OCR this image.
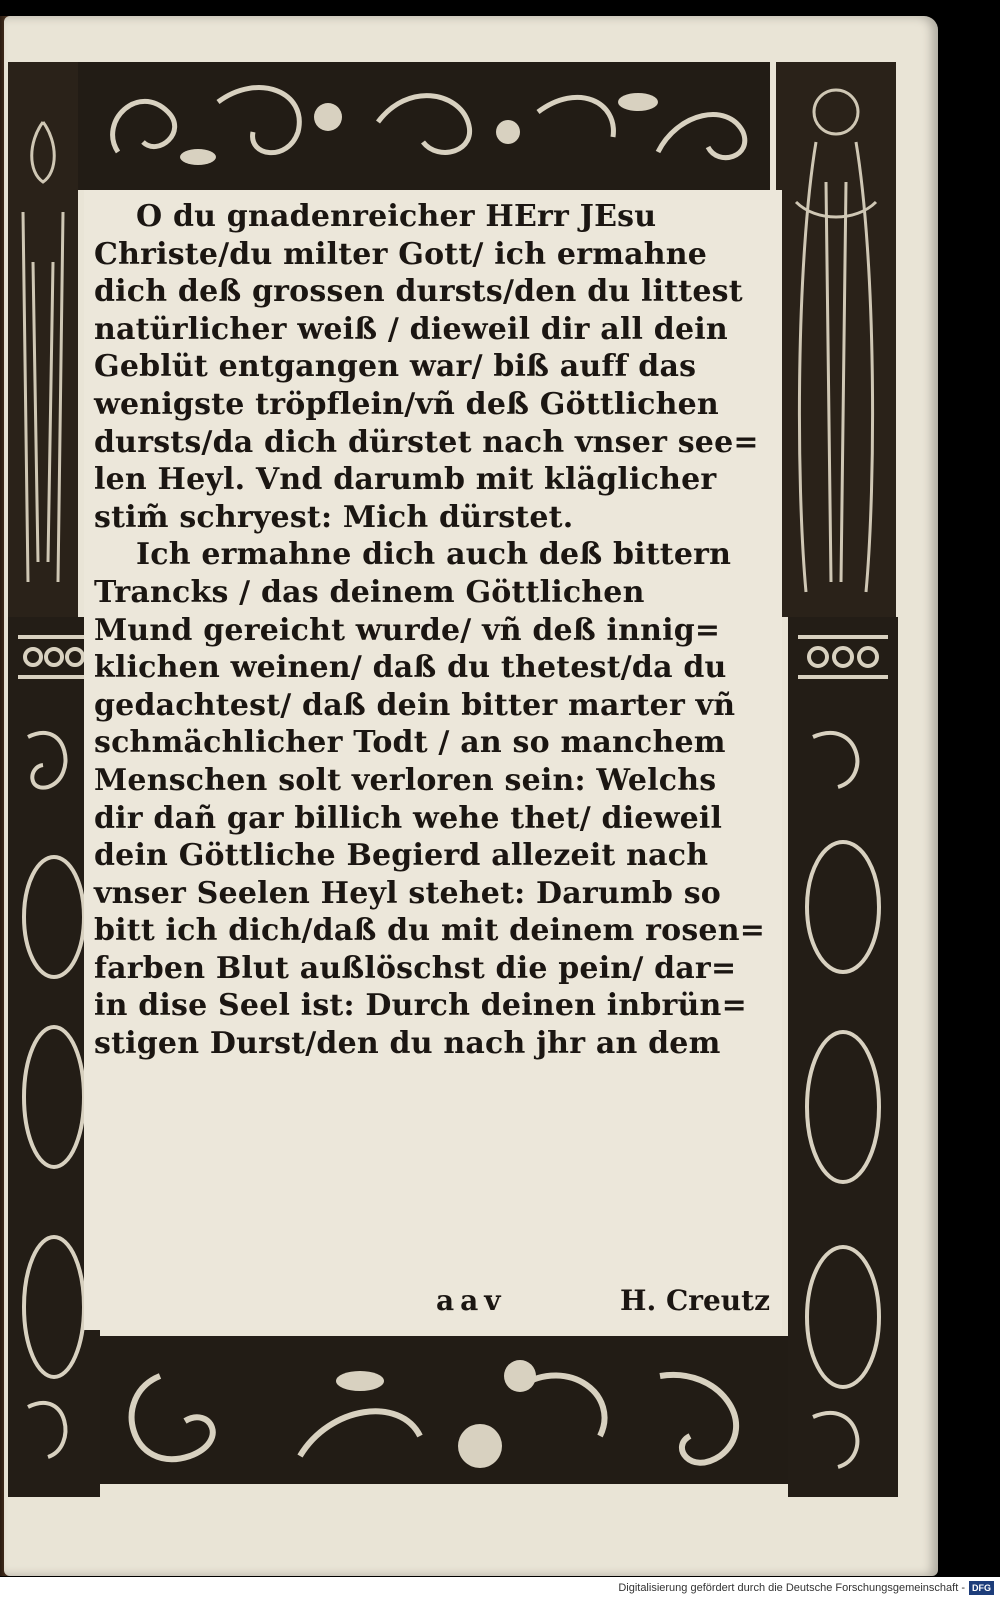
O du gnadenreicher HErr JEsu
Christe/du milter Gott/ ich ermahne
dich deß grossen dursts/den du littest
natürlicher weiß / dieweil dir all dein
Geblüt entgangen war/ biß auff das
wenigste tröpflein/vñ deß Göttlichen
dursts/da dich dürstet nach vnser see=
len Heyl. Vnd darumb mit kläglicher
stim̃ schryest: Mich dürstet.

Ich ermahne dich auch deß bittern
Trancks / das deinem Göttlichen
Mund gereicht wurde/ vñ deß innig=
klichen weinen/ daß du thetest/da du
gedachtest/ daß dein bitter marter vñ
schmächlicher Todt / an so manchem
Menschen solt verloren sein: Welchs
dir dañ gar billich wehe thet/ dieweil
dein Göttliche Begierd allezeit nach
vnser Seelen Heyl stehet: Darumb so
bitt ich dich/daß du mit deinem rosen=
farben Blut außlöschst die pein/ dar=
in dise Seel ist: Durch deinen inbrün=
stigen Durst/den du nach jhr an dem

aav	H. Creutz
Digitalisierung gefördert durch die Deutsche Forschungsgemeinschaft - DFG
